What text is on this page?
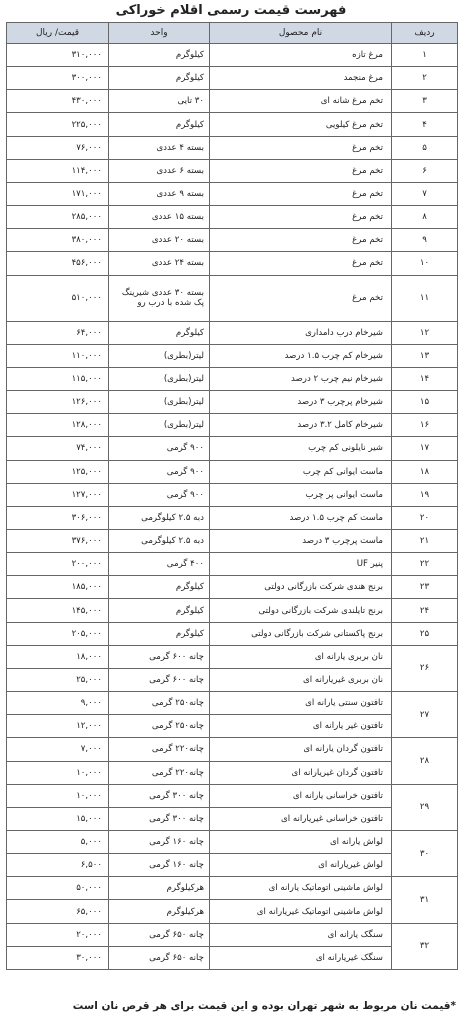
فهرست قیمت رسمی اقلام خوراکی
ردیف	نام محصول	واحد	قیمت/ ریال
۱	مرغ تازه	کیلوگرم	۳۱۰,۰۰۰
۲	مرغ منجمد	کیلوگرم	۳۰۰,۰۰۰
۳	تخم مرغ شانه ای	۳۰ تایی	۴۳۰,۰۰۰
۴	تخم مرغ کیلویی	کیلوگرم	۲۲۵,۰۰۰
۵	تخم مرغ	بسته ۴ عددی	۷۶,۰۰۰
۶	تخم مرغ	بسته ۶ عددی	۱۱۴,۰۰۰
۷	تخم مرغ	بسته ۹ عددی	۱۷۱,۰۰۰
۸	تخم مرغ	بسته ۱۵ عددی	۲۸۵,۰۰۰
۹	تخم مرغ	بسته ۲۰ عددی	۳۸۰,۰۰۰
۱۰	تخم مرغ	بسته ۲۴ عددی	۴۵۶,۰۰۰
۱۱	تخم مرغ	بسته ۳۰ عددی شیرینگ پک شده با درب رو	۵۱۰,۰۰۰
۱۲	شیرخام درب دامداری	کیلوگرم	۶۴,۰۰۰
۱۳	شیرخام کم چرب ۱.۵ درصد	لیتر(بطری)	۱۱۰,۰۰۰
۱۴	شیرخام نیم چرب ۲ درصد	لیتر(بطری)	۱۱۵,۰۰۰
۱۵	شیرخام پرچرب ۳ درصد	لیتر(بطری)	۱۲۶,۰۰۰
۱۶	شیرخام کامل ۳.۲ درصد	لیتر(بطری)	۱۲۸,۰۰۰
۱۷	شیر نایلونی کم چرب	۹۰۰ گرمی	۷۴,۰۰۰
۱۸	ماست ایوانی کم چرب	۹۰۰ گرمی	۱۲۵,۰۰۰
۱۹	ماست ایوانی پر چرب	۹۰۰ گرمی	۱۲۷,۰۰۰
۲۰	ماست کم چرب ۱.۵ درصد	دبه ۲.۵ کیلوگرمی	۳۰۶,۰۰۰
۲۱	ماست پرچرب ۳ درصد	دبه ۲.۵ کیلوگرمی	۳۷۶,۰۰۰
۲۲	پنیر UF	۴۰۰ گرمی	۲۰۰,۰۰۰
۲۳	برنج هندی شرکت بازرگانی دولتی	کیلوگرم	۱۸۵,۰۰۰
۲۴	برنج تایلندی شرکت بازرگانی دولتی	کیلوگرم	۱۴۵,۰۰۰
۲۵	برنج پاکستانی شرکت بازرگانی دولتی	کیلوگرم	۲۰۵,۰۰۰
۲۶	نان بربری یارانه ای	چانه ۶۰۰ گرمی	۱۸,۰۰۰
	نان بربری غیریارانه ای	چانه ۶۰۰ گرمی	۲۵,۰۰۰
۲۷	تافتون سنتی یارانه ای	چانه۲۵۰ گرمی	۹,۰۰۰
	تافتون غیر یارانه ای	چانه۲۵۰ گرمی	۱۲,۰۰۰
۲۸	تافتون گردان یارانه ای	چانه۲۲۰ گرمی	۷,۰۰۰
	تافتون گردان غیریارانه ای	چانه۲۲۰ گرمی	۱۰,۰۰۰
۲۹	تافتون خراسانی یارانه ای	چانه ۳۰۰ گرمی	۱۰,۰۰۰
	تافتون خراسانی غیریارانه ای	چانه ۳۰۰ گرمی	۱۵,۰۰۰
۳۰	لواش یارانه ای	چانه ۱۶۰ گرمی	۵,۰۰۰
	لواش غیریارانه ای	چانه ۱۶۰ گرمی	۶,۵۰۰
۳۱	لواش ماشینی اتوماتیک یارانه ای	هرکیلوگرم	۵۰,۰۰۰
	لواش ماشینی اتوماتیک غیریارانه ای	هرکیلوگرم	۶۵,۰۰۰
۳۲	سنگک یارانه ای	چانه ۶۵۰ گرمی	۲۰,۰۰۰
	سنگک غیریارانه ای	چانه ۶۵۰ گرمی	۳۰,۰۰۰
*قیمت نان مربوط به شهر تهران بوده و این قیمت برای هر قرص نان است
